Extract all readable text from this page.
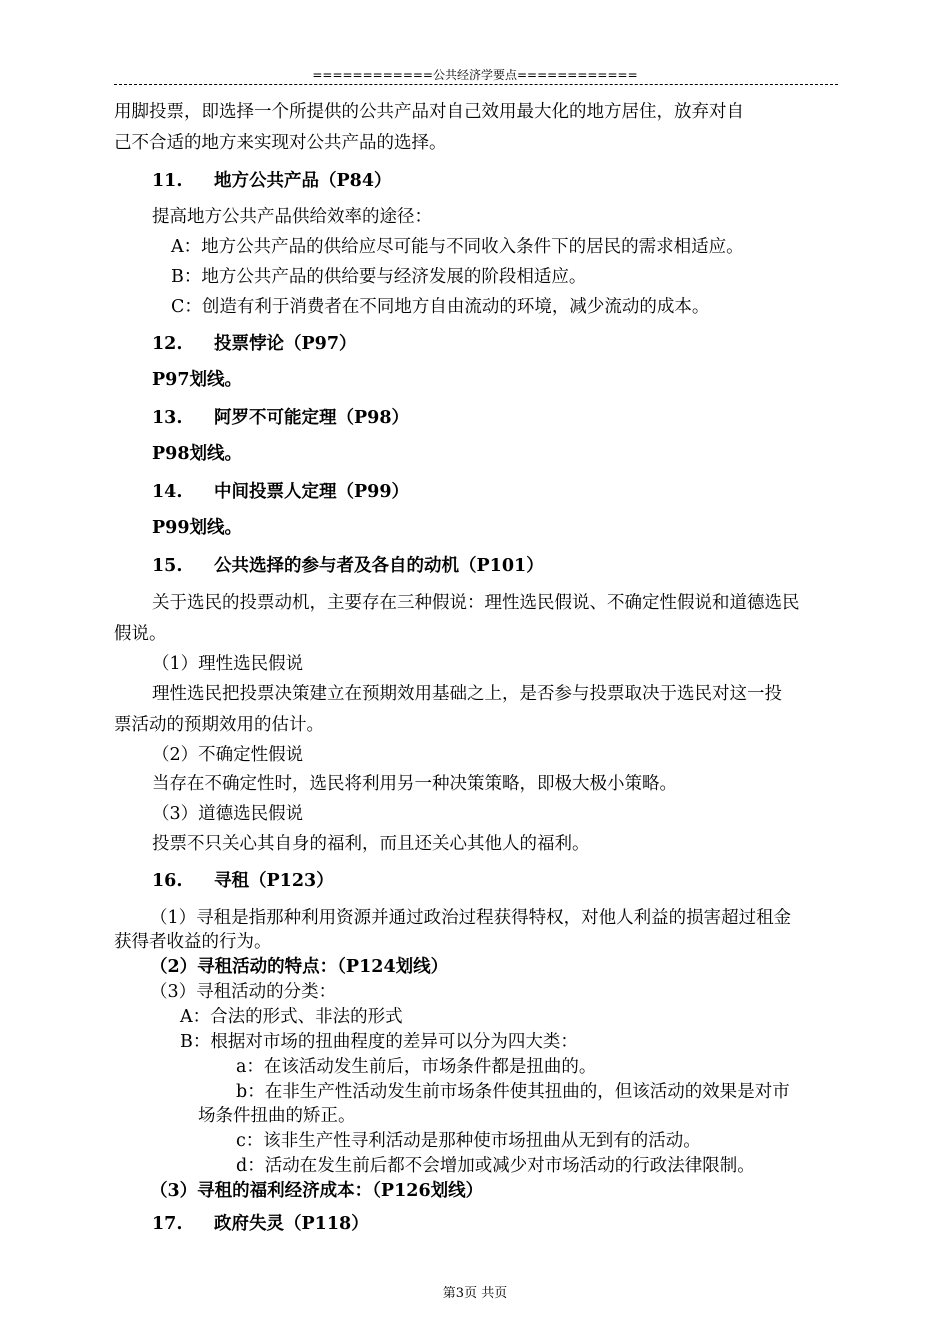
============公共经济学要点============
用脚投票，即选择一个所提供的公共产品对自己效用最大化的地方居住，放弃对自
己不合适的地方来实现对公共产品的选择。
11. 地方公共产品（P84）
提高地方公共产品供给效率的途径：
A：地方公共产品的供给应尽可能与不同收入条件下的居民的需求相适应。
B：地方公共产品的供给要与经济发展的阶段相适应。
C：创造有利于消费者在不同地方自由流动的环境，减少流动的成本。
12. 投票悖论（P97）
P97划线。
13. 阿罗不可能定理（P98）
P98划线。
14. 中间投票人定理（P99）
P99划线。
15. 公共选择的参与者及各自的动机（P101）
关于选民的投票动机，主要存在三种假说：理性选民假说、不确定性假说和道德选民
假说。
（1）理性选民假说
理性选民把投票决策建立在预期效用基础之上，是否参与投票取决于选民对这一投
票活动的预期效用的估计。
（2）不确定性假说
当存在不确定性时，选民将利用另一种决策策略，即极大极小策略。
（3）道德选民假说
投票不只关心其自身的福利，而且还关心其他人的福利。
16. 寻租（P123）
（1）寻租是指那种利用资源并通过政治过程获得特权，对他人利益的损害超过租金
获得者收益的行为。
（2）寻租活动的特点：（P124划线）
（3）寻租活动的分类：
A：合法的形式、非法的形式
B：根据对市场的扭曲程度的差异可以分为四大类：
a：在该活动发生前后，市场条件都是扭曲的。
b：在非生产性活动发生前市场条件使其扭曲的，但该活动的效果是对市
场条件扭曲的矫正。
c：该非生产性寻利活动是那种使市场扭曲从无到有的活动。
d：活动在发生前后都不会增加或减少对市场活动的行政法律限制。
（3）寻租的福利经济成本：（P126划线）
17. 政府失灵（P118）
第3页 共页
